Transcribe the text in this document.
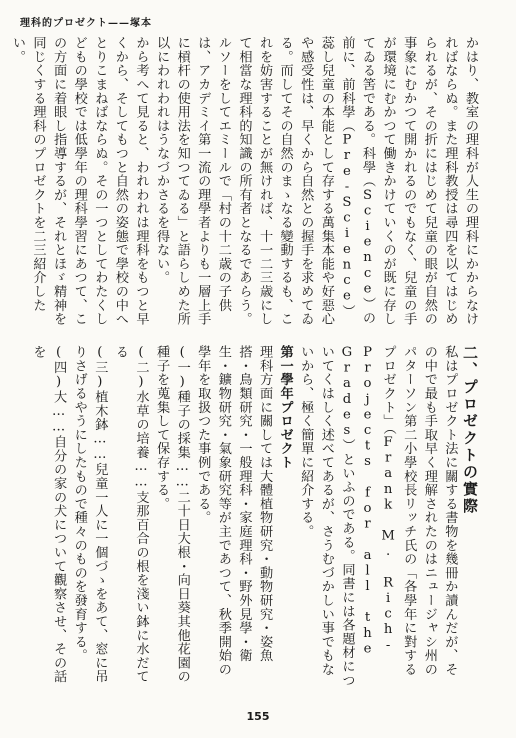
理科的プロゼクト——塚本

かはり、教室の理科が人生の理科にかからなければならぬ。また理科教授は尋四を以てはじめられるが、その折にはじめて兒童の眼が自然の事象にむかつて開かれるのでもなく、兒童の手が環境にむかつて働きかけていくのが既に存してゐる筈である。科學（Science）の前に、前科學（Pre-Science）

蕊し兒童の本能として存する萬集本能や好惡心や感受性は、早くから自然との握手を求めてゐる。而してその自然のまゝなる變動するも、これを妨害することが無ければ、十一二三歳にして相當な理科的知識の所有者となるであらう。ルソーをしてエミールで「村の十二歳の子供は、アカデミイ第一流の理學者よりも一層上手に槓杆の使用法を知つてゐる」と語らしめた所以にわれわれはうなづかさるを得ない。

から考へて見ると、われわれは理科をもつと早くから、そしてもつと自然の姿態で學校の中へとりこまねばならぬ。その一つとしてわたくしどもの學校では低學年の理科學習にあつて、この方面に着眼し指導するが、それとほゞ精神を同じくする理科のプロゼクトを二三紹介したい。

二、プロゼクトの實際

私はプロゼクト法に關する書物を幾冊か讀んだが、その中で最も手取早く理解されたのはニュージャシ州のパターソン第二小學校長リッチ氏の「各學年に對するプロゼクト」（Frank M. Rich-Projects for all the Grades）といふのである。同書には各題材についてくはしく述べてあるが、さうむづかしい事でもないから、極く簡單に紹介する。

第一學年プロゼクト

理科方面に關しては大體植物研究・動物研究・姿魚搭・鳥類研究・一般理科・家庭理科・野外見學・衛生・鑛物研究・氣象研究等が主であつて、秋季開始の學年を取扱つた事例である。

(一)種子の採集……二十日大根・向日葵其他花園の種子を蒐集して保存する。

(二)水草の培養……支那百合の根を淺い鉢に水だてる

(三)植木鉢……兒童一人に一個づゝをあて、窓に吊りさげるやうにしたもので種々のものを發育する。

(四)大……自分の家の犬について觀察させ、その話を

155
